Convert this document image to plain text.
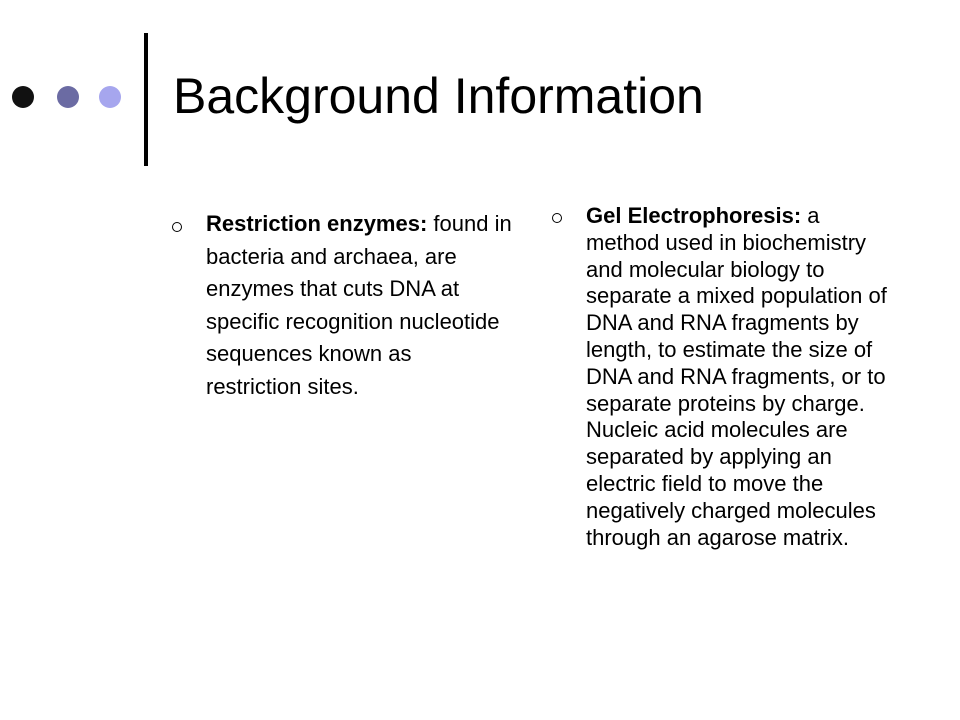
Background Information
Restriction enzymes: found in bacteria and archaea, are enzymes that cuts DNA at specific recognition nucleotide sequences known as restriction sites.
Gel Electrophoresis: a method used in biochemistry and molecular biology to separate a mixed population of DNA and RNA fragments by length, to estimate the size of DNA and RNA fragments, or to separate proteins by charge. Nucleic acid molecules are separated by applying an electric field to move the negatively charged molecules through an agarose matrix.
